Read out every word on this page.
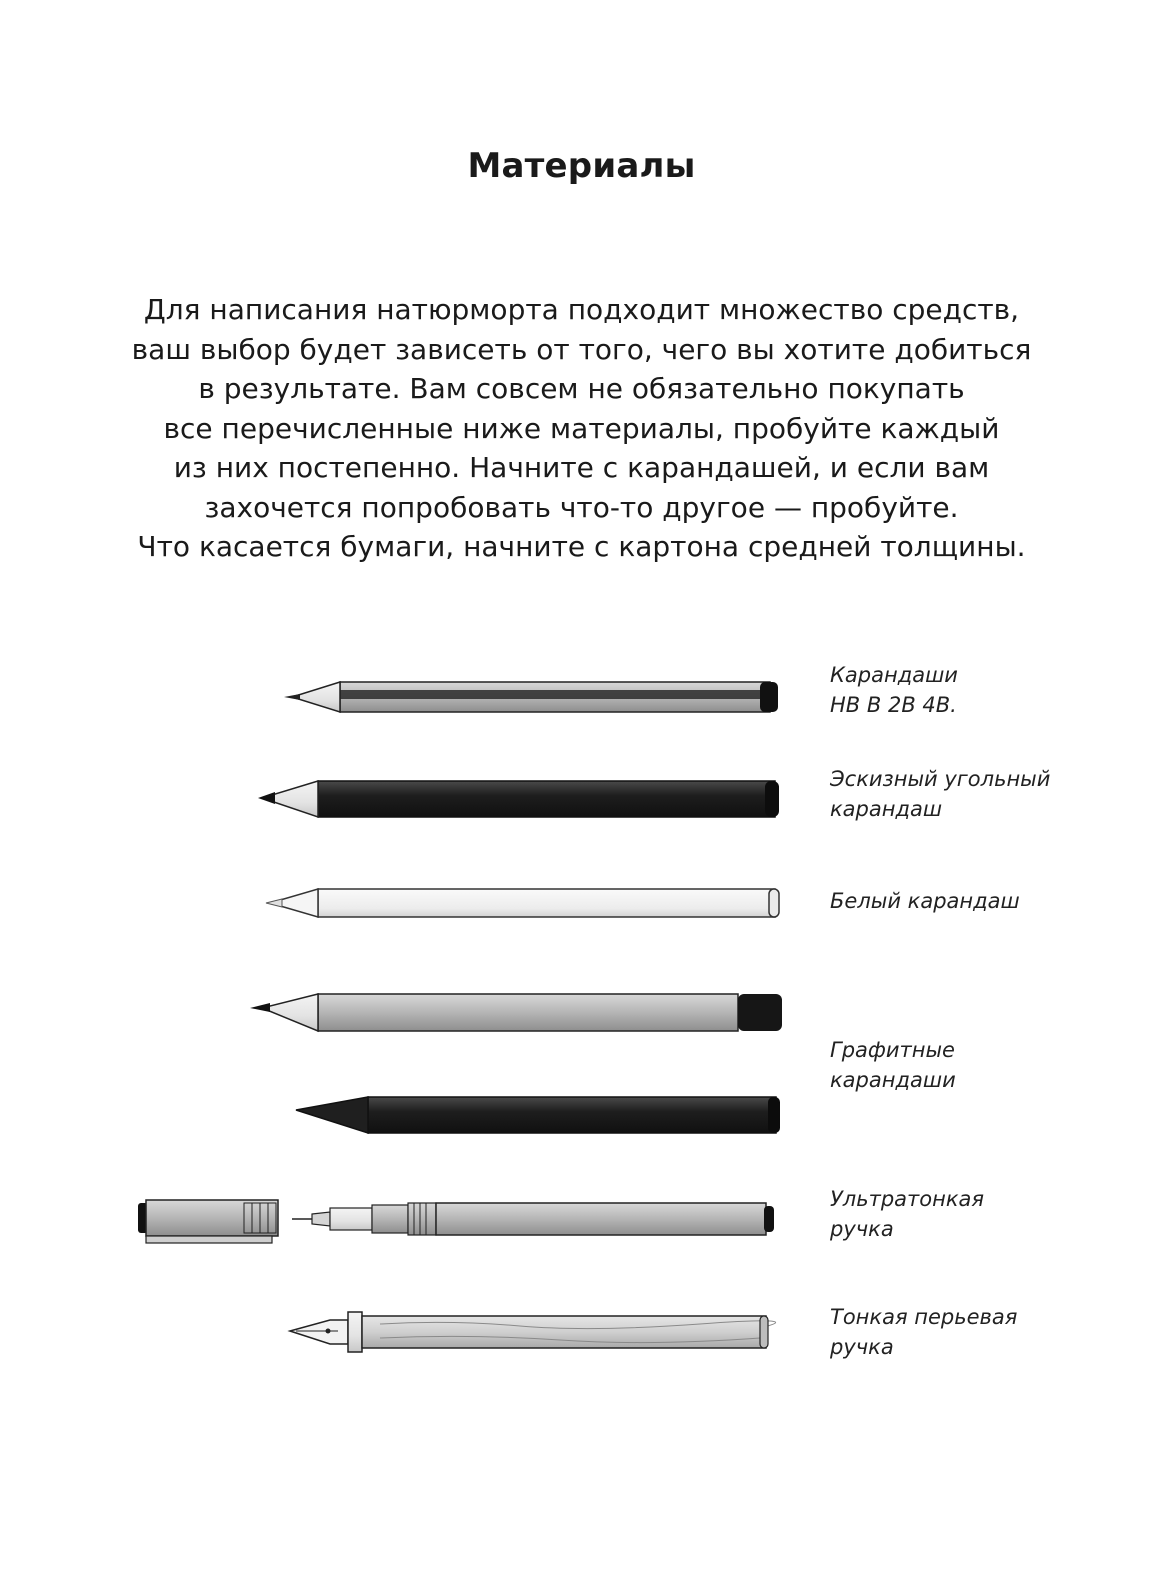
Материалы
Для написания натюрморта подходит множество средств,
ваш выбор будет зависеть от того, чего вы хотите добиться
в результате. Вам совсем не обязательно покупать
все перечисленные ниже материалы, пробуйте каждый
из них постепенно. Начните с карандашей, и если вам
захочется попробовать что-то другое — пробуйте.
Что касается бумаги, начните с картона средней толщины.
Карандаши
HB B 2B 4B.
Эскизный угольный
карандаш
Белый карандаш
Графитные
карандаши
Ультратонкая
ручка
Тонкая перьевая
ручка
